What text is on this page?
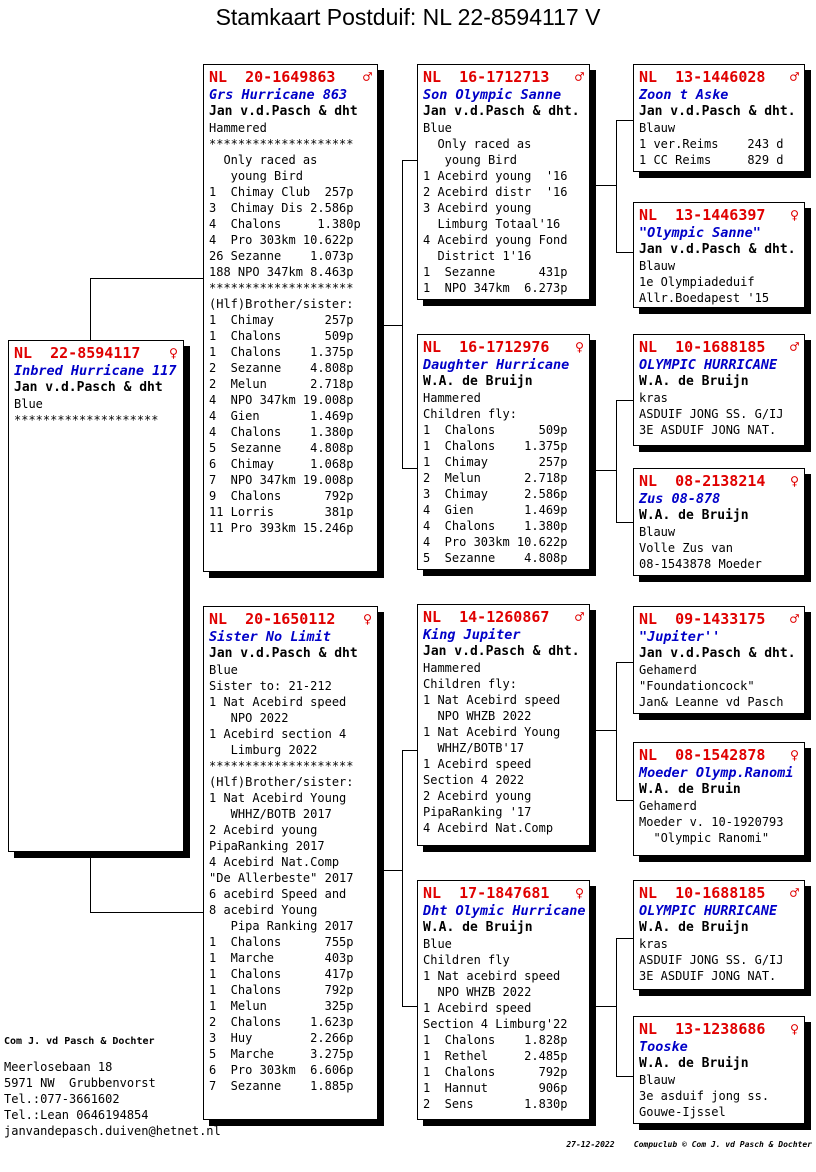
Stamkaart Postduif: NL 22-8594117 V
NL  22-8594117 ♀
Inbred Hurricane 117
Jan v.d.Pasch & dht
Blue
********************
NL  20-1649863 ♂
Grs Hurricane 863
Jan v.d.Pasch & dht
Hammered
********************
Only raced as
young Bird
1  Chimay Club  257p
3  Chimay Dis 2.586p
4  Chalons     1.380p
4  Pro 303km 10.622p
26 Sezanne    1.073p
188 NPO 347km 8.463p
********************
(Hlf)Brother/sister:
1  Chimay       257p
1  Chalons      509p
1  Chalons    1.375p
2  Sezanne    4.808p
2  Melun      2.718p
4  NPO 347km 19.008p
4  Gien       1.469p
4  Chalons    1.380p
5  Sezanne    4.808p
6  Chimay     1.068p
7  NPO 347km 19.008p
9  Chalons      792p
11 Lorris       381p
11 Pro 393km 15.246p
NL  20-1650112 ♀
Sister No Limit
Jan v.d.Pasch & dht
Blue
Sister to: 21-212
1 Nat Acebird speed
NPO 2022
1 Acebird section 4
Limburg 2022
********************
(Hlf)Brother/sister:
1 Nat Acebird Young
WHHZ/BOTB 2017
2 Acebird young
PipaRanking 2017
4 Acebird Nat.Comp
"De Allerbeste" 2017
6 acebird Speed and
8 acebird Young
Pipa Ranking 2017
1  Chalons      755p
1  Marche       403p
1  Chalons      417p
1  Chalons      792p
1  Melun        325p
2  Chalons    1.623p
3  Huy        2.266p
5  Marche     3.275p
6  Pro 303km  6.606p
7  Sezanne    1.885p
NL  16-1712713 ♂
Son Olympic Sanne
Jan v.d.Pasch & dht.
Blue
Only raced as
young Bird
1 Acebird young  '16
2 Acebird distr  '16
3 Acebird young
Limburg Totaal'16
4 Acebird young Fond
District 1'16
1  Sezanne      431p
1  NPO 347km  6.273p
NL  16-1712976 ♀
Daughter Hurricane
W.A. de Bruijn
Hammered
Children fly:
1  Chalons      509p
1  Chalons    1.375p
1  Chimay       257p
2  Melun      2.718p
3  Chimay     2.586p
4  Gien       1.469p
4  Chalons    1.380p
4  Pro 303km 10.622p
5  Sezanne    4.808p
NL  14-1260867 ♂
King Jupiter
Jan v.d.Pasch & dht.
Hammered
Children fly:
1 Nat Acebird speed
NPO WHZB 2022
1 Nat Acebird Young
WHHZ/BOTB'17
1 Acebird speed
Section 4 2022
2 Acebird young
PipaRanking '17
4 Acebird Nat.Comp
NL  17-1847681 ♀
Dht Olymic Hurricane
W.A. de Bruijn
Blue
Children fly
1 Nat acebird speed
NPO WHZB 2022
1 Acebird speed
Section 4 Limburg'22
1  Chalons    1.828p
1  Rethel     2.485p
1  Chalons      792p
1  Hannut       906p
2  Sens       1.830p
NL  13-1446028 ♂
Zoon t Aske
Jan v.d.Pasch & dht.
Blauw
1 ver.Reims    243 d
1 CC Reims     829 d
NL  13-1446397 ♀
"Olympic Sanne"
Jan v.d.Pasch & dht.
Blauw
1e Olympiadeduif
Allr.Boedapest '15
NL  10-1688185 ♂
OLYMPIC HURRICANE
W.A. de Bruijn
kras
ASDUIF JONG SS. G/IJ
3E ASDUIF JONG NAT.
NL  08-2138214 ♀
Zus 08-878
W.A. de Bruijn
Blauw
Volle Zus van
08-1543878 Moeder
NL  09-1433175 ♂
"Jupiter''
Jan v.d.Pasch & dht.
Gehamerd
"Foundationcock"
Jan& Leanne vd Pasch
NL  08-1542878 ♀
Moeder Olymp.Ranomi
W.A. de Bruin
Gehamerd
Moeder v. 10-1920793
"Olympic Ranomi"
NL  10-1688185 ♂
OLYMPIC HURRICANE
W.A. de Bruijn
kras
ASDUIF JONG SS. G/IJ
3E ASDUIF JONG NAT.
NL  13-1238686 ♀
Tooske
W.A. de Bruijn
Blauw
3e asduif jong ss.
Gouwe-Ijssel
Com J. vd Pasch & Dochter
Meerlosebaan 18
5971 NW  Grubbenvorst
Tel.:077-3661602
Tel.:Lean 0646194854
janvandepasch.duiven@hetnet.nl
27-12-2022    Compuclub © Com J. vd Pasch & Dochter
